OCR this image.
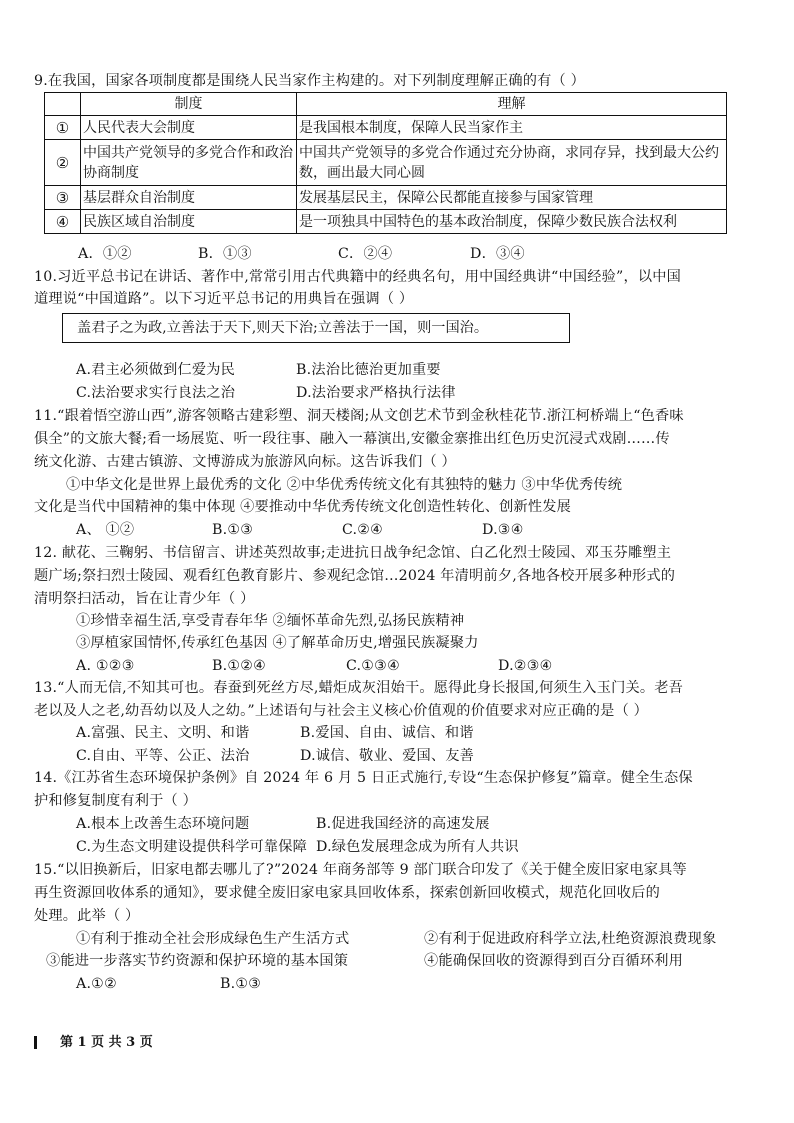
9.在我国，国家各项制度都是围绕人民当家作主构建的。对下列制度理解正确的有（ ）
	制度	理解
①	人民代表大会制度	是我国根本制度，保障人民当家作主
②	中国共产党领导的多党合作和政治协商制度	中国共产党领导的多党合作通过充分协商，求同存异，找到最大公约数，画出最大同心圆
③	基层群众自治制度	发展基层民主，保障公民都能直接参与国家管理
④	民族区域自治制度	是一项独具中国特色的基本政治制度，保障少数民族合法权利
A．①②	B．①③	C．②④	D．③④
10.习近平总书记在讲话、著作中,常常引用古代典籍中的经典名句，用中国经典讲“中国经验”，以中国
道理说“中国道路”。以下习近平总书记的用典旨在强调（ ）
盖君子之为政,立善法于天下,则天下治;立善法于一国，则一国治。
A.君主必须做到仁爱为民	B.法治比德治更加重要
C.法治要求实行良法之治	D.法治要求严格执行法律
11.“跟着悟空游山西”,游客领略古建彩塑、洞天楼阁;从文创艺术节到金秋桂花节.浙江柯桥端上“色香味
俱全”的文旅大餐;看一场展览、听一段往事、融入一幕演出,安徽金寨推出红色历史沉浸式戏剧……传
统文化游、古建古镇游、文博游成为旅游风向标。这告诉我们（ ）
①中华文化是世界上最优秀的文化 ②中华优秀传统文化有其独特的魅力 ③中华优秀传统
文化是当代中国精神的集中体现 ④要推动中华优秀传统文化创造性转化、创新性发展
A、 ①②	B.①③	C.②④	D.③④
12. 献花、三鞠躬、书信留言、讲述英烈故事;走进抗日战争纪念馆、白乙化烈士陵园、邓玉芬雕塑主
题广场;祭扫烈士陵园、观看红色教育影片、参观纪念馆…2024 年清明前夕,各地各校开展多种形式的
清明祭扫活动，旨在让青少年（ ）
①珍惜幸福生活,享受青春年华 ②缅怀革命先烈,弘扬民族精神
③厚植家国情怀,传承红色基因 ④了解革命历史,增强民族凝聚力
A. ①②③	B.①②④	C.①③④	D.②③④
13.“人而无信,不知其可也。春蚕到死丝方尽,蜡炬成灰泪始干。愿得此身长报国,何须生入玉门关。老吾
老以及人之老,幼吾幼以及人之幼。”上述语句与社会主义核心价值观的价值要求对应正确的是（ ）
A.富强、民主、文明、和谐	B.爱国、自由、诚信、和谐
C.自由、平等、公正、法治	D.诚信、敬业、爱国、友善
14.《江苏省生态环境保护条例》自 2024 年 6 月 5 日正式施行,专设“生态保护修复”篇章。健全生态保
护和修复制度有利于（ ）
A.根本上改善生态环境问题	B.促进我国经济的高速发展
C.为生态文明建设提供科学可靠保障 D.绿色发展理念成为所有人共识
15.“以旧换新后，旧家电都去哪儿了?”2024 年商务部等 9 部门联合印发了《关于健全废旧家电家具等
再生资源回收体系的通知》，要求健全废旧家电家具回收体系，探索创新回收模式，规范化回收后的
处理。此举（ ）
①有利于推动全社会形成绿色生产生活方式	②有利于促进政府科学立法,杜绝资源浪费现象
③能进一步落实节约资源和保护环境的基本国策	④能确保回收的资源得到百分百循环利用
A.①②	B.①③
第 1 页 共 3 页
